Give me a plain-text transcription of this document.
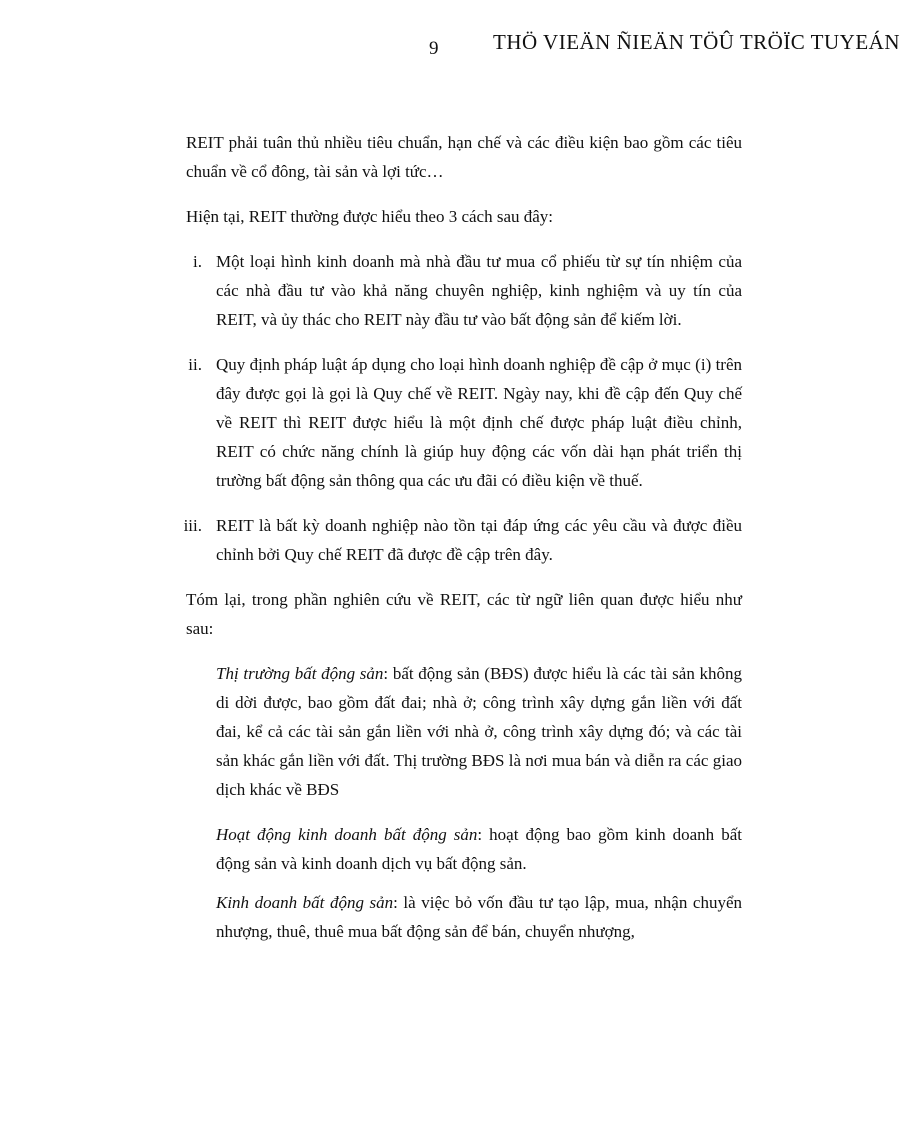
9	THÖ VIEÄN ÑIEÄN TÖÛ TRÖÏC TUYEÁN

REIT phải tuân thủ nhiều tiêu chuẩn, hạn chế và các điều kiện bao gồm các tiêu chuẩn về cổ đông, tài sản và lợi tức…

Hiện tại, REIT thường được hiểu theo 3 cách sau đây:

i. Một loại hình kinh doanh mà nhà đầu tư mua cổ phiếu từ sự tín nhiệm của các nhà đầu tư vào khả năng chuyên nghiệp, kinh nghiệm và uy tín của REIT, và ủy thác cho REIT này đầu tư vào bất động sản để kiếm lời.

ii. Quy định pháp luật áp dụng cho loại hình doanh nghiệp đề cập ở mục (i) trên đây được gọi là gọi là Quy chế về REIT. Ngày nay, khi đề cập đến Quy chế về REIT thì REIT được hiểu là một định chế được pháp luật điều chỉnh, REIT có chức năng chính là giúp huy động các vốn dài hạn phát triển thị trường bất động sản thông qua các ưu đãi có điều kiện về thuế.

iii. REIT là bất kỳ doanh nghiệp nào tồn tại đáp ứng các yêu cầu và được điều chỉnh bởi Quy chế REIT đã được đề cập trên đây.

Tóm lại, trong phần nghiên cứu về REIT, các từ ngữ liên quan được hiểu như sau:

Thị trường bất động sản: bất động sản (BĐS) được hiểu là các tài sản không di dời được, bao gồm đất đai; nhà ở; công trình xây dựng gắn liền với đất đai, kể cả các tài sản gắn liền với nhà ở, công trình xây dựng đó; và các tài sản khác gắn liền với đất. Thị trường BĐS là nơi mua bán và diễn ra các giao dịch khác về BĐS

Hoạt động kinh doanh bất động sản: hoạt động bao gồm kinh doanh bất động sản và kinh doanh dịch vụ bất động sản.

Kinh doanh bất động sản: là việc bỏ vốn đầu tư tạo lập, mua, nhận chuyển nhượng, thuê, thuê mua bất động sản để bán, chuyển nhượng,
